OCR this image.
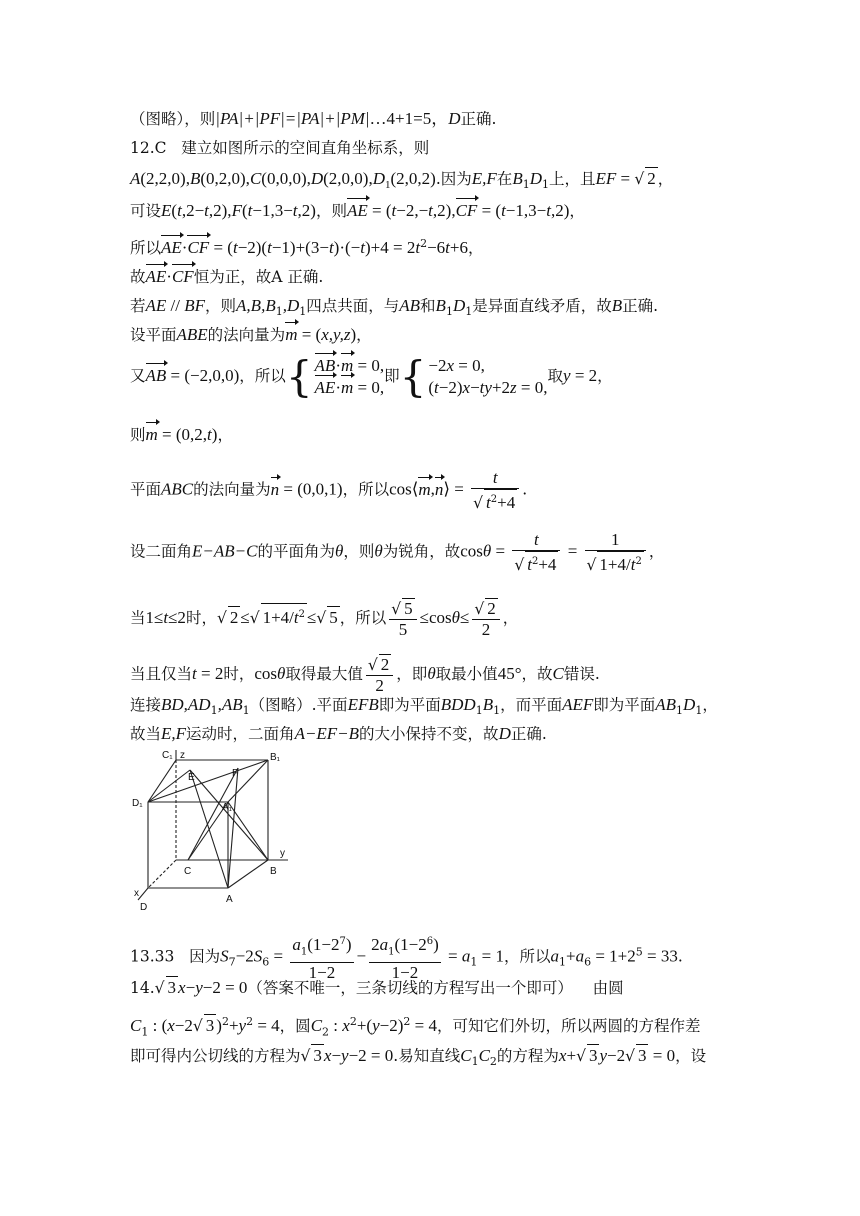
（图略），则|PA|+|PF|=|PA|+|PM|…4+1=5，D正确.
12.C 建立如图所示的空间直角坐标系，则
$A(2,2,0),B(0,2,0),C(0,0,0),D(2,0,0),D_1(2,0,2)$.因为E,F在$B_1D_1$上，且EF = √ 2 ，
可设E(t,2−t,2),F(t−1,3−t,2)，则AE = (t−2,−t,2),CF = (t−1,3−t,2)，
所以$AE\cdot CF = (t-2)(t-1)+(3-t)\cdot(-t)+4 = 2t^2-6t+6$，
故AE·CF恒为正，故A 正确.
若AE // BF，则$A,B,B_1,D_1$四点共面，与AB和$B_1D_1$是异面直线矛盾，故B正确.
设平面ABE的法向量为m = (x,y,z)，
又AB = (−2,0,0)，所以{ AB·m = 0,
AE·m = 0,
即{ −2x = 0,
(t−2)x−ty+2z = 0,
取y = 2，
则m = (0,2,t)，
平面ABC的法向量为n = (0,0,1)，所以cos⟨m,n⟩ = $\frac{t}{√ t^2+4}$ .
设二面角E−AB−C的平面角为θ，则θ为锐角，故$\cos\theta = \frac{t}{√ t^2+4} = \frac{1}{√ 1+4/t^2}$ ，
当1≤t≤2时，√ 2 ≤√ $1+4/t^2$ ≤√ 5 ，所以 $\frac{√ 5}{5} \le\cos\theta\le \frac{√ 2}{2}$ ，
当且仅当t = 2时，cosθ取得最大值 $\frac{√ 2}{2}$ ，即θ取最小值45°，故C错误.
连接$BD,AD_1,AB_1$（图略）.平面EFB即为平面$BDD_1B_1$，而平面AEF即为平面$AB_1D_1$，
故当E,F运动时，二面角A−EF−B的大小保持不变，故D正确.
C₁ z	B₁
E	F
D₁	A₁
C
y
B
x
D
A
13.33 因为$S_7-2S_6 = \frac{a_1(1-2^7)}{1-2} - \frac{2a_1(1-2^6)}{1-2} = a_1 = 1$，所以$a_1+a_6 = 1+2^5 = 33$.
14.√ 3 x−y−2 = 0（答案不唯一，三条切线的方程写出一个即可） 由圆
$C_1$ : (x−2√ 3 )$^2+y^2 = 4$，圆$C_2$ : $x^2+(y-2)^2 = 4$，可知它们外切，所以两圆的方程作差
即可得内公切线的方程为√ 3 x−y−2 = 0.易知直线$C_1C_2$的方程为x+√ 3 y−2√ 3 = 0，设
